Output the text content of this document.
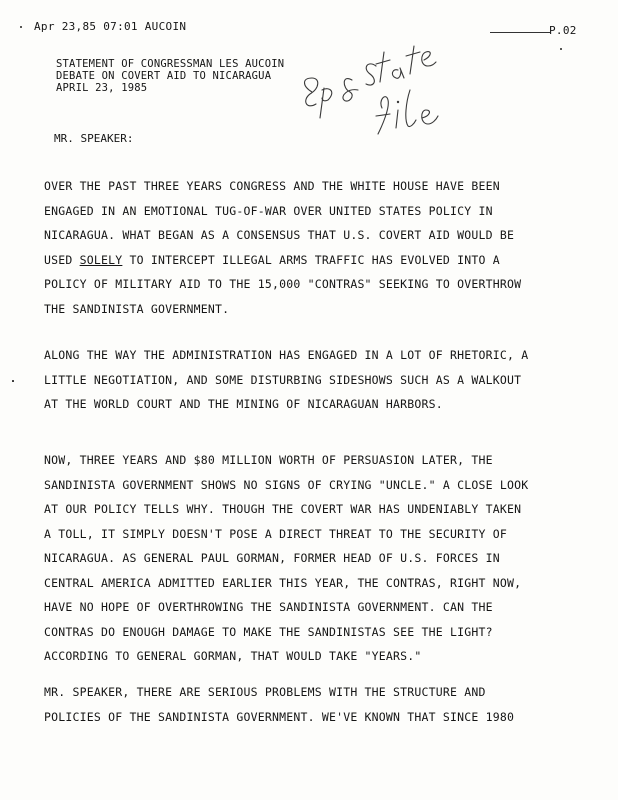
Apr 23,85 07:01 AUCOIN	P.02
STATEMENT OF CONGRESSMAN LES AUCOIN
DEBATE ON COVERT AID TO NICARAGUA
APRIL 23, 1985
MR. SPEAKER:
OVER THE PAST THREE YEARS CONGRESS AND THE WHITE HOUSE HAVE BEEN
ENGAGED IN AN EMOTIONAL TUG-OF-WAR OVER UNITED STATES POLICY IN
NICARAGUA. WHAT BEGAN AS A CONSENSUS THAT U.S. COVERT AID WOULD BE
USED SOLELY TO INTERCEPT ILLEGAL ARMS TRAFFIC HAS EVOLVED INTO A
POLICY OF MILITARY AID TO THE 15,000 "CONTRAS" SEEKING TO OVERTHROW
THE SANDINISTA GOVERNMENT.
ALONG THE WAY THE ADMINISTRATION HAS ENGAGED IN A LOT OF RHETORIC, A
LITTLE NEGOTIATION, AND SOME DISTURBING SIDESHOWS SUCH AS A WALKOUT
AT THE WORLD COURT AND THE MINING OF NICARAGUAN HARBORS.
NOW, THREE YEARS AND $80 MILLION WORTH OF PERSUASION LATER, THE
SANDINISTA GOVERNMENT SHOWS NO SIGNS OF CRYING "UNCLE." A CLOSE LOOK
AT OUR POLICY TELLS WHY. THOUGH THE COVERT WAR HAS UNDENIABLY TAKEN
A TOLL, IT SIMPLY DOESN'T POSE A DIRECT THREAT TO THE SECURITY OF
NICARAGUA. AS GENERAL PAUL GORMAN, FORMER HEAD OF U.S. FORCES IN
CENTRAL AMERICA ADMITTED EARLIER THIS YEAR, THE CONTRAS, RIGHT NOW,
HAVE NO HOPE OF OVERTHROWING THE SANDINISTA GOVERNMENT. CAN THE
CONTRAS DO ENOUGH DAMAGE TO MAKE THE SANDINISTAS SEE THE LIGHT?
ACCORDING TO GENERAL GORMAN, THAT WOULD TAKE "YEARS."
MR. SPEAKER, THERE ARE SERIOUS PROBLEMS WITH THE STRUCTURE AND
POLICIES OF THE SANDINISTA GOVERNMENT. WE'VE KNOWN THAT SINCE 1980
